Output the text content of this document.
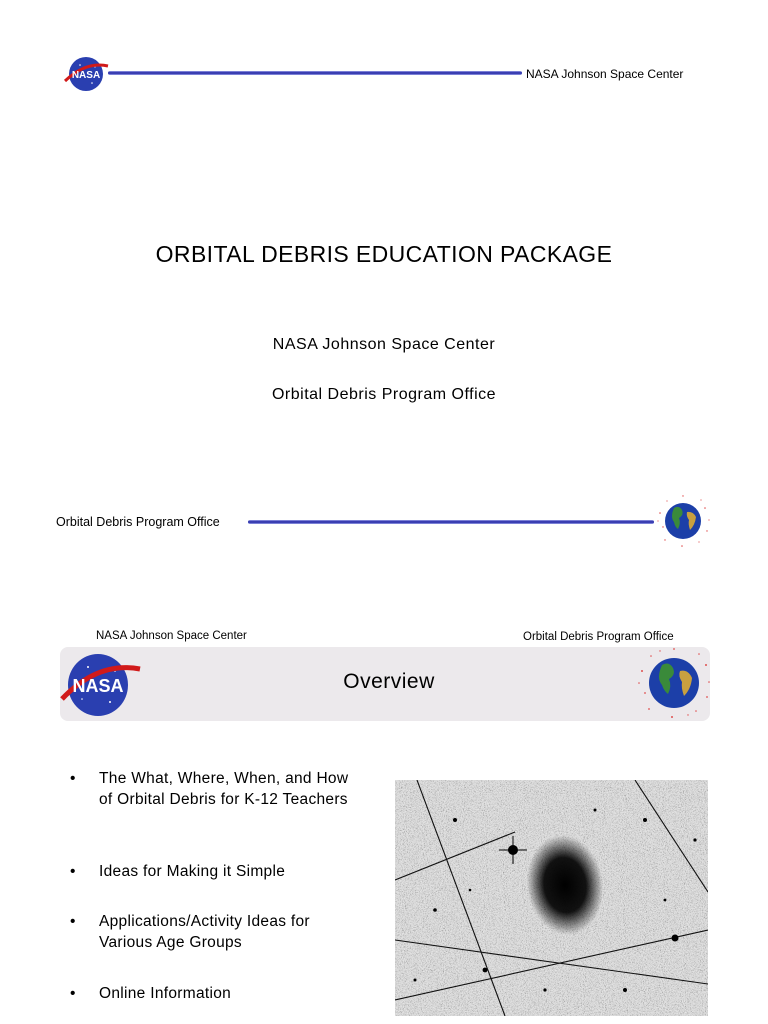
NASA	NASA Johnson Space Center
ORBITAL DEBRIS EDUCATION PACKAGE
NASA Johnson Space Center
Orbital Debris Program Office
Orbital Debris Program Office
NASA Johnson Space Center	Orbital Debris Program Office
NASA	Overview
• The What, Where, When, and How of Orbital Debris for K-12 Teachers
• Ideas for Making it Simple
• Applications/Activity Ideas for Various Age Groups
• Online Information
